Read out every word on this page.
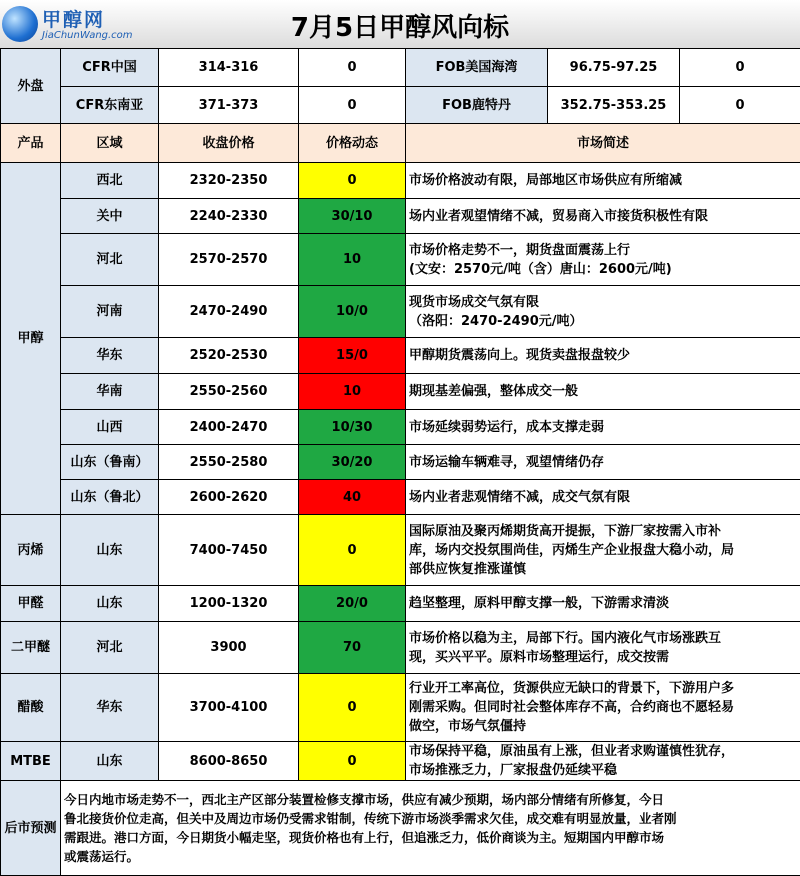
甲醇网
JiaChunWang.com	7月5日甲醇风向标
外盘	CFR中国	314-316	0	FOB美国海湾	96.75-97.25	0
	CFR东南亚	371-373	0	FOB鹿特丹	352.75-353.25	0
产品	区域	收盘价格	价格动态	市场简述		
甲醇	西北	2320-2350	0	市场价格波动有限，局部地区市场供应有所缩减		

	关中	2240-2330	30/10	场内业者观望情绪不减，贸易商入市接货积极性有限		

	河北	2570-2570	10	市场价格走势不一，期货盘面震荡上行
(文安：2570元/吨（含）唐山：2600元/吨)		

	河南	2470-2490	10/0	现货市场成交气氛有限
（洛阳：2470-2490元/吨）		

	华东	2520-2530	15/0	甲醇期货震荡向上。现货卖盘报盘较少		

	华南	2550-2560	10	期现基差偏强，整体成交一般		

	山西	2400-2470	10/30	市场延续弱势运行，成本支撑走弱		

	山东（鲁南）	2550-2580	30/20	市场运输车辆难寻，观望情绪仍存		

	山东（鲁北）	2600-2620	40	场内业者悲观情绪不减，成交气氛有限		

丙烯	山东	7400-7450	0	国际原油及聚丙烯期货高开提振，下游厂家按需入市补
库，场内交投氛围尚佳，丙烯生产企业报盘大稳小动，局
部供应恢复推涨谨慎		

甲醛	山东	1200-1320	20/0	趋坚整理，原料甲醇支撑一般，下游需求清淡		

二甲醚	河北	3900	70	市场价格以稳为主，局部下行。国内液化气市场涨跌互
现，买兴平平。原料市场整理运行，成交按需		

醋酸	华东	3700-4100	0	行业开工率高位，货源供应无缺口的背景下，下游用户多
刚需采购。但同时社会整体库存不高，合约商也不愿轻易
做空，市场气氛僵持		

MTBE	山东	8600-8650	0	市场保持平稳，原油虽有上涨，但业者求购谨慎性犹存，
市场推涨乏力，厂家报盘仍延续平稳		

后市预测	今日内地市场走势不一，西北主产区部分装置检修支撑市场，供应有减少预期，场内部分情绪有所修复，今日
鲁北接货价位走高，但关中及周边市场仍受需求钳制，传统下游市场淡季需求欠佳，成交难有明显放量，业者刚
需跟进。港口方面，今日期货小幅走坚，现货价格也有上行，但追涨乏力，低价商谈为主。短期国内甲醇市场
或震荡运行。					
